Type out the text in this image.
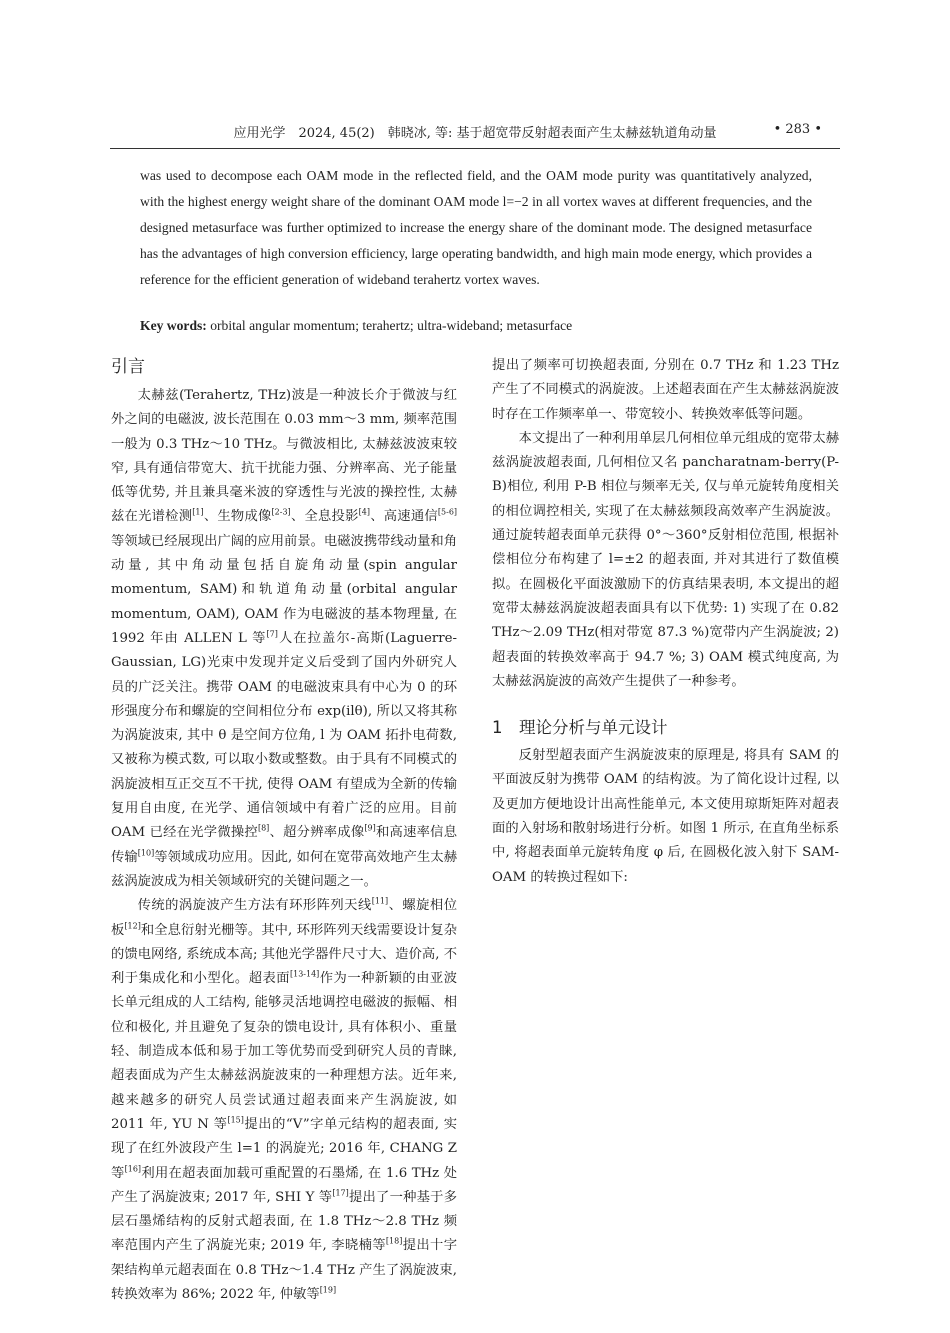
应用光学　2024, 45(2)　韩晓冰, 等: 基于超宽带反射超表面产生太赫兹轨道角动量	• 283 •
was used to decompose each OAM mode in the reflected field, and the OAM mode purity was quantitatively analyzed, with the highest energy weight share of the dominant OAM mode l=−2 in all vortex waves at different frequencies, and the designed metasurface was further optimized to increase the energy share of the dominant mode. The designed metasurface has the advantages of high conversion efficiency, large operating bandwidth, and high main mode energy, which provides a reference for the efficient generation of wideband terahertz vortex waves.
Key words: orbital angular momentum; terahertz; ultra-wideband; metasurface
引言

太赫兹(Terahertz, THz)波是一种波长介于微波与红外之间的电磁波, 波长范围在 0.03 mm～3 mm, 频率范围一般为 0.3 THz～10 THz。与微波相比, 太赫兹波波束较窄, 具有通信带宽大、抗干扰能力强、分辨率高、光子能量低等优势, 并且兼具毫米波的穿透性与光波的操控性, 太赫兹在光谱检测[1]、生物成像[2-3]、全息投影[4]、高速通信[5-6]等领域已经展现出广阔的应用前景。电磁波携带线动量和角动量, 其中角动量包括自旋角动量(spin angular momentum, SAM)和轨道角动量(orbital angular momentum, OAM), OAM 作为电磁波的基本物理量, 在 1992 年由 ALLEN L 等[7]人在拉盖尔-高斯(Laguerre-Gaussian, LG)光束中发现并定义后受到了国内外研究人员的广泛关注。携带 OAM 的电磁波束具有中心为 0 的环形强度分布和螺旋的空间相位分布 exp(ilθ), 所以又将其称为涡旋波束, 其中 θ 是空间方位角, l 为 OAM 拓扑电荷数, 又被称为模式数, 可以取小数或整数。由于具有不同模式的涡旋波相互正交互不干扰, 使得 OAM 有望成为全新的传输复用自由度, 在光学、通信领域中有着广泛的应用。目前 OAM 已经在光学微操控[8]、超分辨率成像[9]和高速率信息传输[10]等领域成功应用。因此, 如何在宽带高效地产生太赫兹涡旋波成为相关领域研究的关键问题之一。

传统的涡旋波产生方法有环形阵列天线[11]、螺旋相位板[12]和全息衍射光栅等。其中, 环形阵列天线需要设计复杂的馈电网络, 系统成本高; 其他光学器件尺寸大、造价高, 不利于集成化和小型化。超表面[13-14]作为一种新颖的由亚波长单元组成的人工结构, 能够灵活地调控电磁波的振幅、相位和极化, 并且避免了复杂的馈电设计, 具有体积小、重量轻、制造成本低和易于加工等优势而受到研究人员的青睐, 超表面成为产生太赫兹涡旋波束的一种理想方法。近年来, 越来越多的研究人员尝试通过超表面来产生涡旋波, 如 2011 年, YU N 等[15]提出的“V”字单元结构的超表面, 实现了在红外波段产生 l=1 的涡旋光; 2016 年, CHANG Z 等[16]利用在超表面加载可重配置的石墨烯, 在 1.6 THz 处产生了涡旋波束; 2017 年, SHI Y 等[17]提出了一种基于多层石墨烯结构的反射式超表面, 在 1.8 THz～2.8 THz 频率范围内产生了涡旋光束; 2019 年, 李晓楠等[18]提出十字架结构单元超表面在 0.8 THz～1.4 THz 产生了涡旋波束, 转换效率为 86%; 2022 年, 仲敏等[19]

提出了频率可切换超表面, 分别在 0.7 THz 和 1.23 THz 产生了不同模式的涡旋波。上述超表面在产生太赫兹涡旋波时存在工作频率单一、带宽较小、转换效率低等问题。

本文提出了一种利用单层几何相位单元组成的宽带太赫兹涡旋波超表面, 几何相位又名 pancharatnam-berry(P-B)相位, 利用 P-B 相位与频率无关, 仅与单元旋转角度相关的相位调控相关, 实现了在太赫兹频段高效率产生涡旋波。通过旋转超表面单元获得 0°～360°反射相位范围, 根据补偿相位分布构建了 l=±2 的超表面, 并对其进行了数值模拟。在圆极化平面波激励下的仿真结果表明, 本文提出的超宽带太赫兹涡旋波超表面具有以下优势: 1) 实现了在 0.82 THz～2.09 THz(相对带宽 87.3 %)宽带内产生涡旋波; 2) 超表面的转换效率高于 94.7 %; 3) OAM 模式纯度高, 为太赫兹涡旋波的高效产生提供了一种参考。

1　理论分析与单元设计

反射型超表面产生涡旋波束的原理是, 将具有 SAM 的平面波反射为携带 OAM 的结构波。为了简化设计过程, 以及更加方便地设计出高性能单元, 本文使用琼斯矩阵对超表面的入射场和散射场进行分析。如图 1 所示, 在直角坐标系中, 将超表面单元旋转角度 φ 后, 在圆极化波入射下 SAM-OAM 的转换过程如下:
